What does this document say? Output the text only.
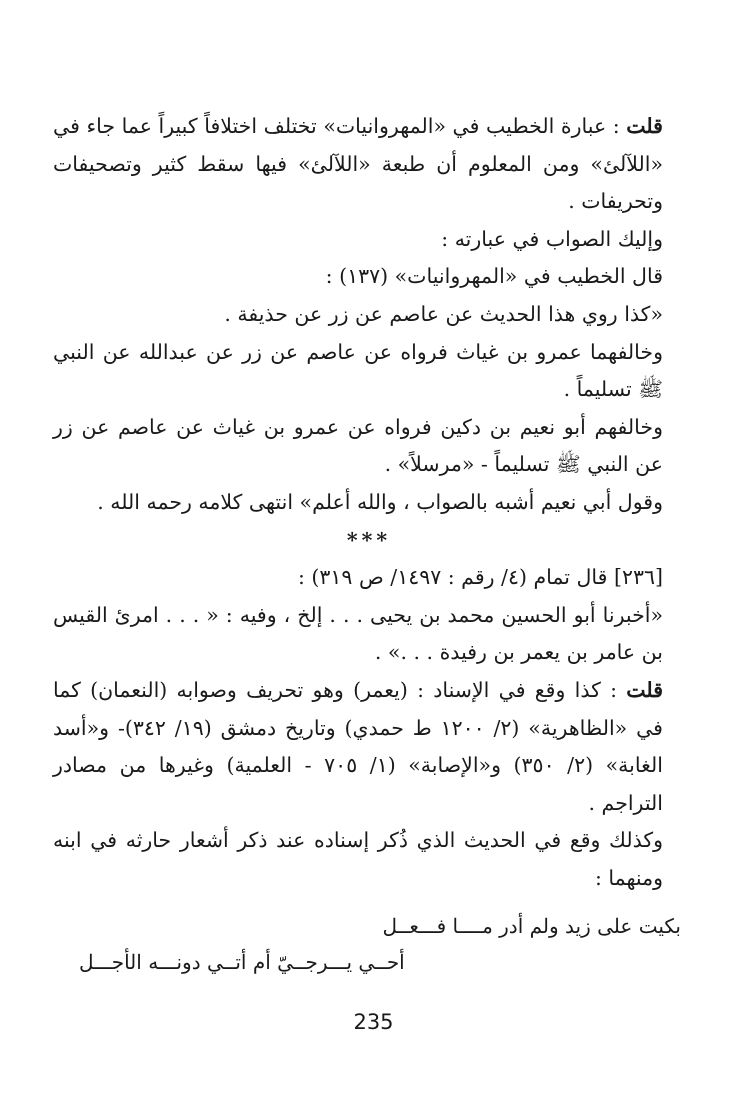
قلت : عبارة الخطيب في «المهروانيات» تختلف اختلافاً كبيراً عما جاء في «اللآلئ» ومن المعلوم أن طبعة «اللآلئ» فيها سقط كثير وتصحيفات وتحريفات .

وإليك الصواب في عبارته :

قال الخطيب في «المهروانيات» (١٣٧) :

«كذا روي هذا الحديث عن عاصم عن زر عن حذيفة .

وخالفهما عمرو بن غياث فرواه عن عاصم عن زر عن عبدالله عن النبي ﷺ تسليماً .

وخالفهم أبو نعيم بن دكين فرواه عن عمرو بن غياث عن عاصم عن زر عن النبي ﷺ تسليماً - «مرسلاً» .

وقول أبي نعيم أشبه بالصواب ، والله أعلم» انتهى كلامه رحمه الله .

***

[٢٣٦] قال تمام (٤/ رقم : ١٤٩٧/ ص ٣١٩) :

«أخبرنا أبو الحسين محمد بن يحيى . . . إلخ ، وفيه : « . . . امرئ القيس بن عامر بن يعمر بن رفيدة . . .» .

قلت : كذا وقع في الإسناد : (يعمر) وهو تحريف وصوابه (النعمان) كما في «الظاهرية» (٢/ ١٢٠٠ ط حمدي) وتاريخ دمشق (١٩/ ٣٤٢)- و«أسد الغابة» (٢/ ٣٥٠) و«الإصابة» (١/ ٧٠٥ - العلمية) وغيرها من مصادر التراجم .

وكذلك وقع في الحديث الذي ذُكر إسناده عند ذكر أشعار حارثه في ابنه ومنهما :

بكيت على زيد ولم أدر مــــا فـــعــل
أحــي يـــرجــيّ أم أتــي دونـــه الأجـــل
235
